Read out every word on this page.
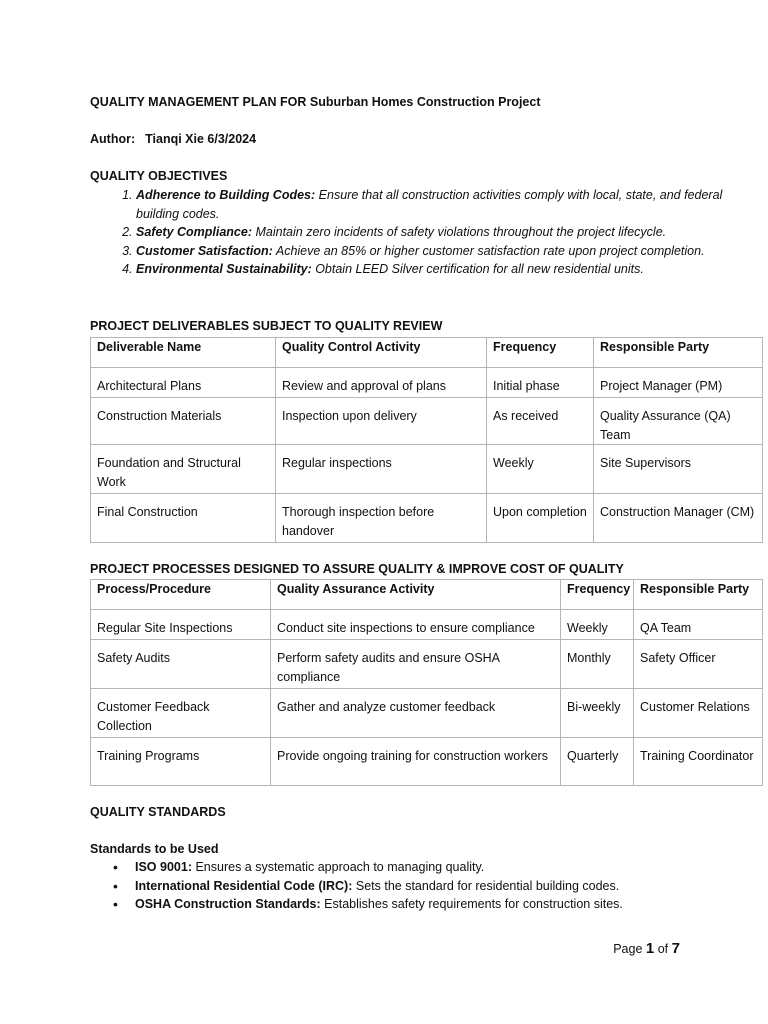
QUALITY MANAGEMENT PLAN FOR Suburban Homes Construction Project
Author: Tianqi Xie 6/3/2024
QUALITY OBJECTIVES
1. Adherence to Building Codes: Ensure that all construction activities comply with local, state, and federal building codes.
2. Safety Compliance: Maintain zero incidents of safety violations throughout the project lifecycle.
3. Customer Satisfaction: Achieve an 85% or higher customer satisfaction rate upon project completion.
4. Environmental Sustainability: Obtain LEED Silver certification for all new residential units.
PROJECT DELIVERABLES SUBJECT TO QUALITY REVIEW
Deliverable Name	Quality Control Activity	Frequency	Responsible Party
Architectural Plans	Review and approval of plans	Initial phase	Project Manager (PM)
Construction Materials	Inspection upon delivery	As received	Quality Assurance (QA) Team
Foundation and Structural Work	Regular inspections	Weekly	Site Supervisors
Final Construction	Thorough inspection before handover	Upon completion	Construction Manager (CM)
PROJECT PROCESSES DESIGNED TO ASSURE QUALITY & IMPROVE COST OF QUALITY
Process/Procedure	Quality Assurance Activity	Frequency	Responsible Party
Regular Site Inspections	Conduct site inspections to ensure compliance	Weekly	QA Team
Safety Audits	Perform safety audits and ensure OSHA compliance	Monthly	Safety Officer
Customer Feedback Collection	Gather and analyze customer feedback	Bi-weekly	Customer Relations
Training Programs	Provide ongoing training for construction workers	Quarterly	Training Coordinator
QUALITY STANDARDS
Standards to be Used
• ISO 9001: Ensures a systematic approach to managing quality.
• International Residential Code (IRC): Sets the standard for residential building codes.
• OSHA Construction Standards: Establishes safety requirements for construction sites.
Page 1 of 7
